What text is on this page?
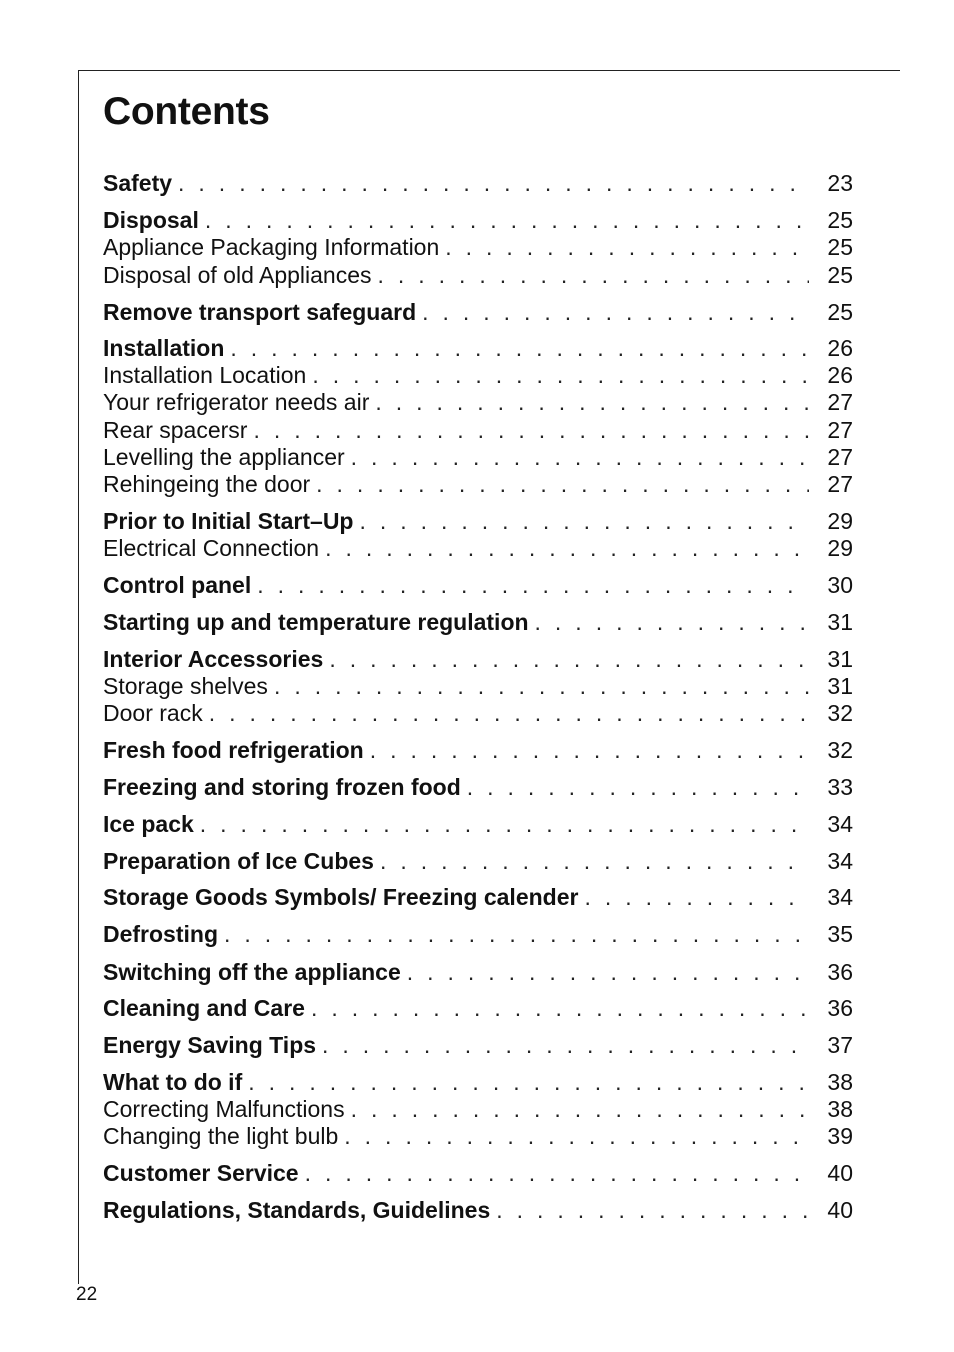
Contents
Safety . . .	23
Disposal . . .	25
Appliance Packaging Information . . .	25
Disposal of old Appliances . . .	25
Remove transport safeguard . . .	25
Installation . . .	26
Installation Location . . .	26
Your refrigerator needs air . . .	27
Rear spacersr . . .	27
Levelling the appliancer . . .	27
Rehingeing the door . . .	27
Prior to Initial Start–Up . . .	29
Electrical Connection . . .	29
Control panel . . .	30
Starting up and temperature regulation . . .	31
Interior Accessories . . .	31
Storage shelves . . .	31
Door rack . . .	32
Fresh food refrigeration . . .	32
Freezing and storing frozen food . . .	33
Ice pack . . .	34
Preparation of Ice Cubes . . .	34
Storage Goods Symbols/ Freezing calender . . .	34
Defrosting . . .	35
Switching off the appliance . . .	36
Cleaning and Care . . .	36
Energy Saving Tips . . .	37
What to do if . . .	38
Correcting Malfunctions . . .	38
Changing the light bulb . . .	39
Customer Service . . .	40
Regulations, Standards, Guidelines . . .	40
22
